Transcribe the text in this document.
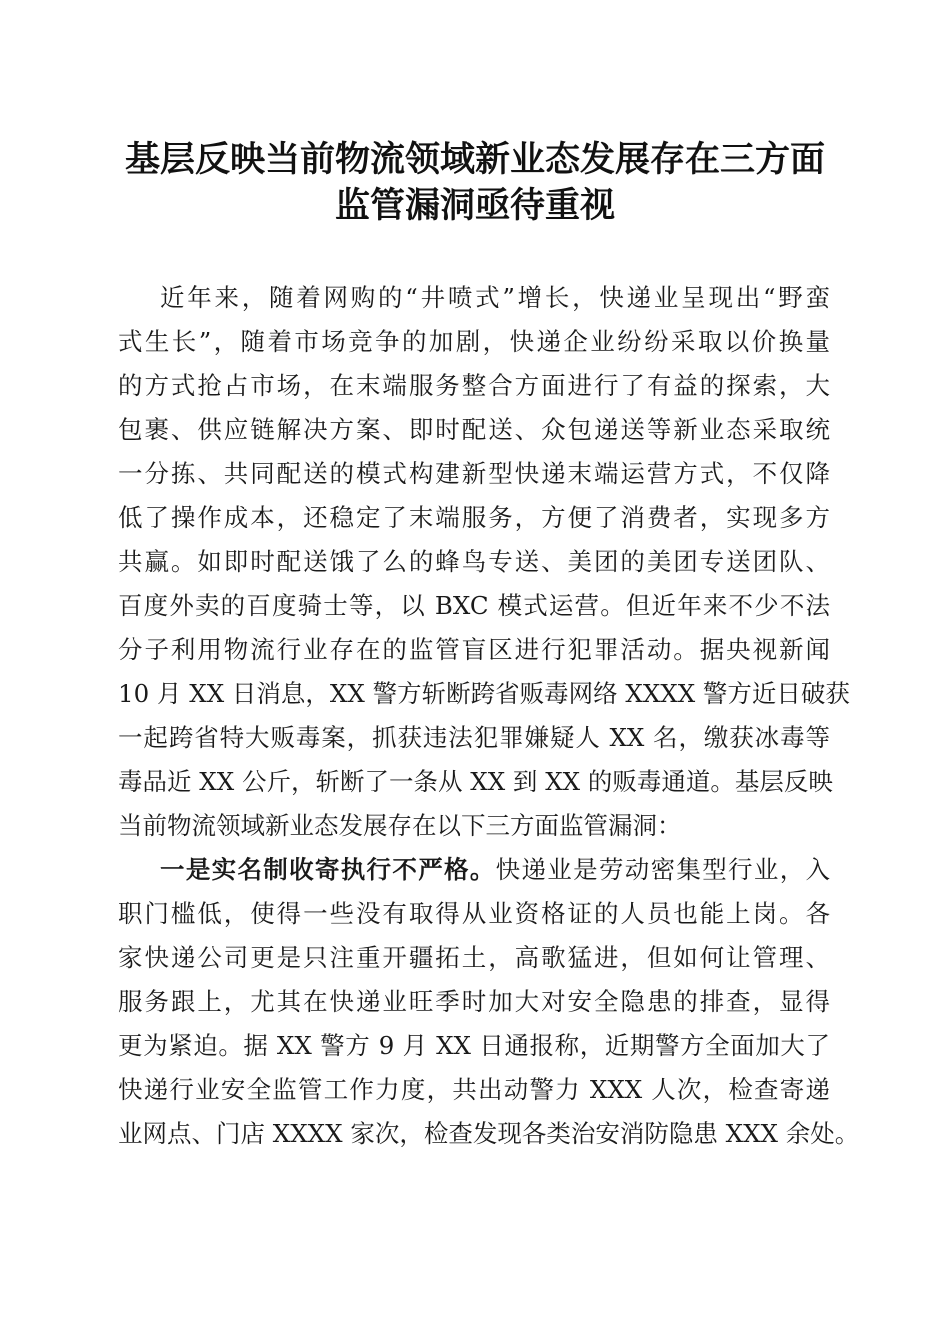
基层反映当前物流领域新业态发展存在三方面
监管漏洞亟待重视
近年来，随着网购的“井喷式”增长，快递业呈现出“野蛮
式生长”，随着市场竞争的加剧，快递企业纷纷采取以价换量
的方式抢占市场，在末端服务整合方面进行了有益的探索，大
包裹、供应链解决方案、即时配送、众包递送等新业态采取统
一分拣、共同配送的模式构建新型快递末端运营方式，不仅降
低了操作成本，还稳定了末端服务，方便了消费者，实现多方
共赢。如即时配送饿了么的蜂鸟专送、美团的美团专送团队、
百度外卖的百度骑士等，以 BXC 模式运营。但近年来不少不法
分子利用物流行业存在的监管盲区进行犯罪活动。据央视新闻
10 月 XX 日消息，XX 警方斩断跨省贩毒网络 XXXX 警方近日破获
一起跨省特大贩毒案，抓获违法犯罪嫌疑人 XX 名，缴获冰毒等
毒品近 XX 公斤，斩断了一条从 XX 到 XX 的贩毒通道。基层反映
当前物流领域新业态发展存在以下三方面监管漏洞：
一是实名制收寄执行不严格。快递业是劳动密集型行业，入
职门槛低，使得一些没有取得从业资格证的人员也能上岗。各
家快递公司更是只注重开疆拓土，高歌猛进，但如何让管理、
服务跟上，尤其在快递业旺季时加大对安全隐患的排查，显得
更为紧迫。据 XX 警方 9 月 XX 日通报称，近期警方全面加大了
快递行业安全监管工作力度，共出动警力 XXX 人次，检查寄递
业网点、门店 XXXX 家次，检查发现各类治安消防隐患 XXX 余处。
